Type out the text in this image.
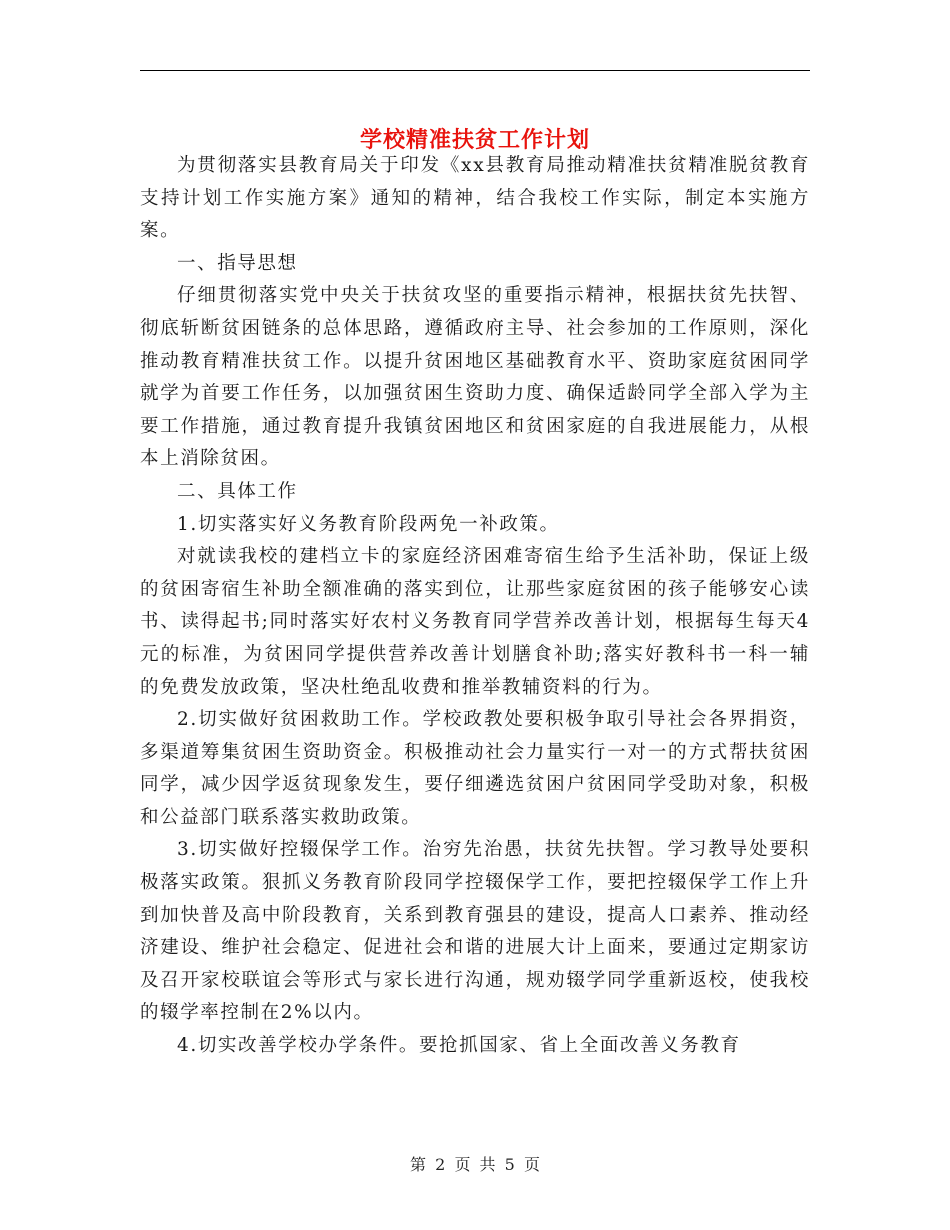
学校精准扶贫工作计划

为贯彻落实县教育局关于印发《xx县教育局推动精准扶贫精准脱贫教育支持计划工作实施方案》通知的精神，结合我校工作实际，制定本实施方案。

一、指导思想

仔细贯彻落实党中央关于扶贫攻坚的重要指示精神，根据扶贫先扶智、彻底斩断贫困链条的总体思路，遵循政府主导、社会参加的工作原则，深化推动教育精准扶贫工作。以提升贫困地区基础教育水平、资助家庭贫困同学就学为首要工作任务，以加强贫困生资助力度、确保适龄同学全部入学为主要工作措施，通过教育提升我镇贫困地区和贫困家庭的自我进展能力，从根本上消除贫困。

二、具体工作

1.切实落实好义务教育阶段两免一补政策。

对就读我校的建档立卡的家庭经济困难寄宿生给予生活补助，保证上级的贫困寄宿生补助全额准确的落实到位，让那些家庭贫困的孩子能够安心读书、读得起书;同时落实好农村义务教育同学营养改善计划，根据每生每天4元的标准，为贫困同学提供营养改善计划膳食补助;落实好教科书一科一辅的免费发放政策，坚决杜绝乱收费和推举教辅资料的行为。

2.切实做好贫困救助工作。学校政教处要积极争取引导社会各界捐资，多渠道筹集贫困生资助资金。积极推动社会力量实行一对一的方式帮扶贫困同学，减少因学返贫现象发生，要仔细遴选贫困户贫困同学受助对象，积极和公益部门联系落实救助政策。

3.切实做好控辍保学工作。治穷先治愚，扶贫先扶智。学习教导处要积极落实政策。狠抓义务教育阶段同学控辍保学工作，要把控辍保学工作上升到加快普及高中阶段教育，关系到教育强县的建设，提高人口素养、推动经济建设、维护社会稳定、促进社会和谐的进展大计上面来，要通过定期家访及召开家校联谊会等形式与家长进行沟通，规劝辍学同学重新返校，使我校的辍学率控制在2%以内。

4.切实改善学校办学条件。要抢抓国家、省上全面改善义务教育

第 2 页 共 5 页
